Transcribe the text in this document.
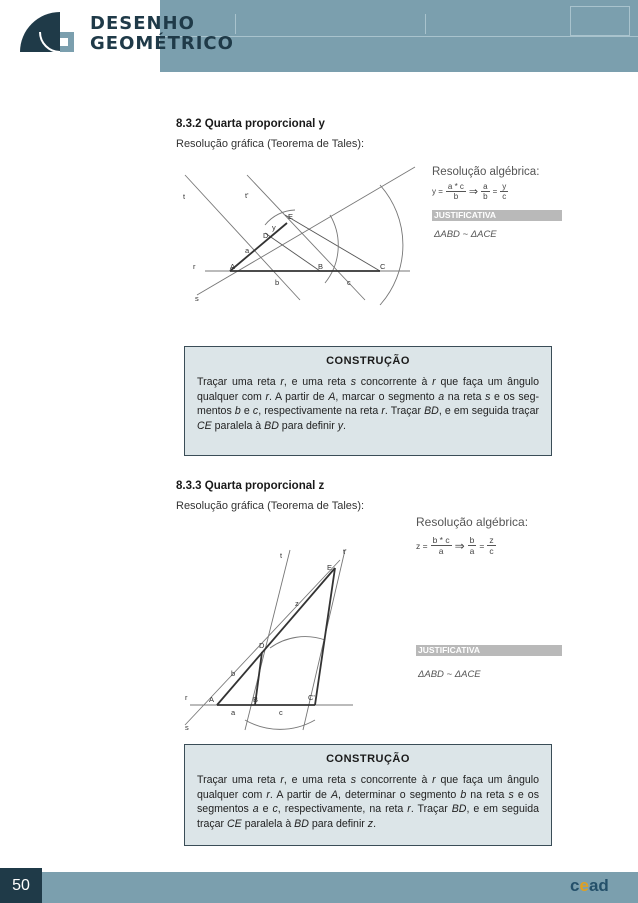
DESENHO
GEOMÉTRICO
8.3.2 Quarta proporcional y
Resolução gráfica (Teorema de Tales):
t	t'
r
s
A	B	C
D
E
a
b	c
y
Resolução algébrica:
$y = \frac{a * c}{b}$ ⇒ $\frac{a}{b} = \frac{y}{c}$
JUSTIFICATIVA
ΔABD ~ ΔACE
CONSTRUÇÃO
Traçar uma reta r, e uma reta s concorrente à r que faça um ângulo qualquer com r. A partir de A, marcar o segmento a na reta s e os seg-mentos b e c, respectivamente na reta r. Traçar BD, e em seguida traçar CE paralela à BD para definir y.
8.3.3 Quarta proporcional z
Resolução gráfica (Teorema de Tales):
t	t'
r
s
A	B	C'
D
E
b
a	c
z
Resolução algébrica:
$z = \frac{b * c}{a}$ ⇒ $\frac{b}{a} = \frac{z}{c}$
JUSTIFICATIVA
ΔABD ~ ΔACE
CONSTRUÇÃO
Traçar uma reta r, e uma reta s concorrente à r que faça um ângulo qualquer com r. A partir de A, determinar o segmento b na reta s e os segmentos a e c, respectivamente, na reta r. Traçar BD, e em seguida traçar CE paralela à BD para definir z.
50	cead
